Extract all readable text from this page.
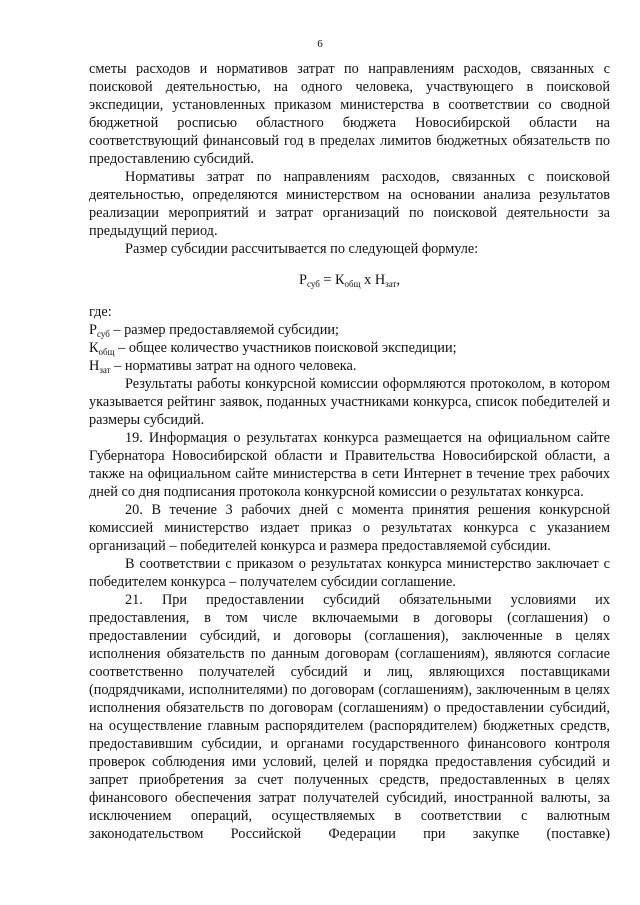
6

сметы расходов и нормативов затрат по направлениям расходов, связанных с поисковой деятельностью, на одного человека, участвующего в поисковой экспедиции, установленных приказом министерства в соответствии со сводной бюджетной росписью областного бюджета Новосибирской области на соответствующий финансовый год в пределах лимитов бюджетных обязательств по предоставлению субсидий.

Нормативы затрат по направлениям расходов, связанных с поисковой деятельностью, определяются министерством на основании анализа результатов реализации мероприятий и затрат организаций по поисковой деятельности за предыдущий период.

Размер субсидии рассчитывается по следующей формуле:

$Р_{суб} = К_{общ}$ х $Н_{зат}$,

где:

$Р_{суб}$ – размер предоставляемой субсидии;

$К_{общ}$ – общее количество участников поисковой экспедиции;

$Н_{зат}$ – нормативы затрат на одного человека.

Результаты работы конкурсной комиссии оформляются протоколом, в котором указывается рейтинг заявок, поданных участниками конкурса, список победителей и размеры субсидий.

19. Информация о результатах конкурса размещается на официальном сайте Губернатора Новосибирской области и Правительства Новосибирской области, а также на официальном сайте министерства в сети Интернет в течение трех рабочих дней со дня подписания протокола конкурсной комиссии о результатах конкурса.

20. В течение 3 рабочих дней с момента принятия решения конкурсной комиссией министерство издает приказ о результатах конкурса с указанием организаций – победителей конкурса и размера предоставляемой субсидии.

В соответствии с приказом о результатах конкурса министерство заключает с победителем конкурса – получателем субсидии соглашение.

21. При предоставлении субсидий обязательными условиями их предоставления, в том числе включаемыми в договоры (соглашения) о предоставлении субсидий, и договоры (соглашения), заключенные в целях исполнения обязательств по данным договорам (соглашениям), являются согласие соответственно получателей субсидий и лиц, являющихся поставщиками (подрядчиками, исполнителями) по договорам (соглашениям), заключенным в целях исполнения обязательств по договорам (соглашениям) о предоставлении субсидий, на осуществление главным распорядителем (распорядителем) бюджетных средств, предоставившим субсидии, и органами государственного финансового контроля проверок соблюдения ими условий, целей и порядка предоставления субсидий и запрет приобретения за счет полученных средств, предоставленных в целях финансового обеспечения затрат получателей субсидий, иностранной валюты, за исключением операций, осуществляемых в соответствии с валютным законодательством Российской Федерации при закупке (поставке)
